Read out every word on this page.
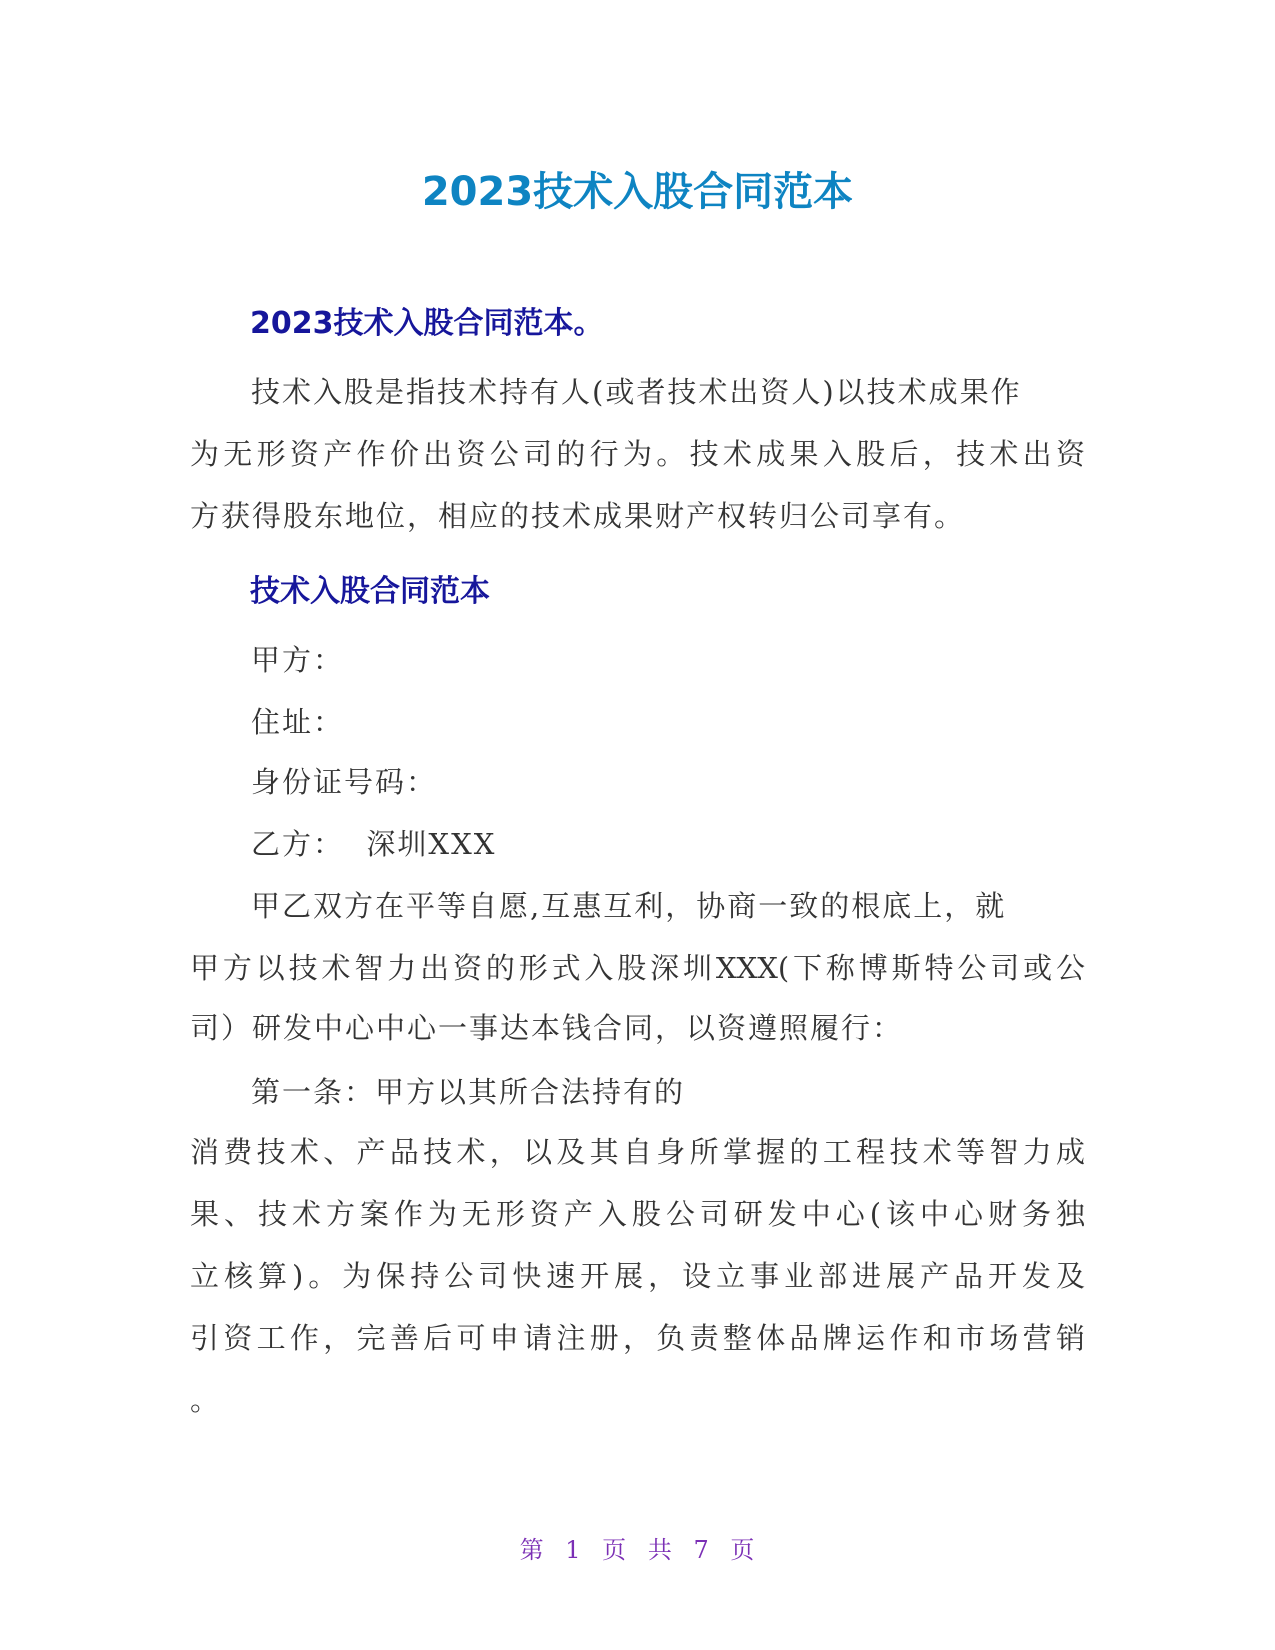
2023技术入股合同范本
2023技术入股合同范本。

技术入股是指技术持有人(或者技术出资人)以技术成果作

为无形资产作价出资公司的行为。技术成果入股后，技术出资

方获得股东地位，相应的技术成果财产权转归公司享有。

技术入股合同范本

甲方：

住址：

身份证号码：

乙方：  深圳XXX

甲乙双方在平等自愿,互惠互利，协商一致的根底上，就

甲方以技术智力出资的形式入股深圳XXX(下称博斯特公司或公

司）研发中心中心一事达本钱合同，以资遵照履行：

第一条：甲方以其所合法持有的

消费技术、产品技术，以及其自身所掌握的工程技术等智力成

果、技术方案作为无形资产入股公司研发中心(该中心财务独

立核算)。为保持公司快速开展，设立事业部进展产品开发及

引资工作，完善后可申请注册，负责整体品牌运作和市场营销

。

第 1 页 共 7 页
